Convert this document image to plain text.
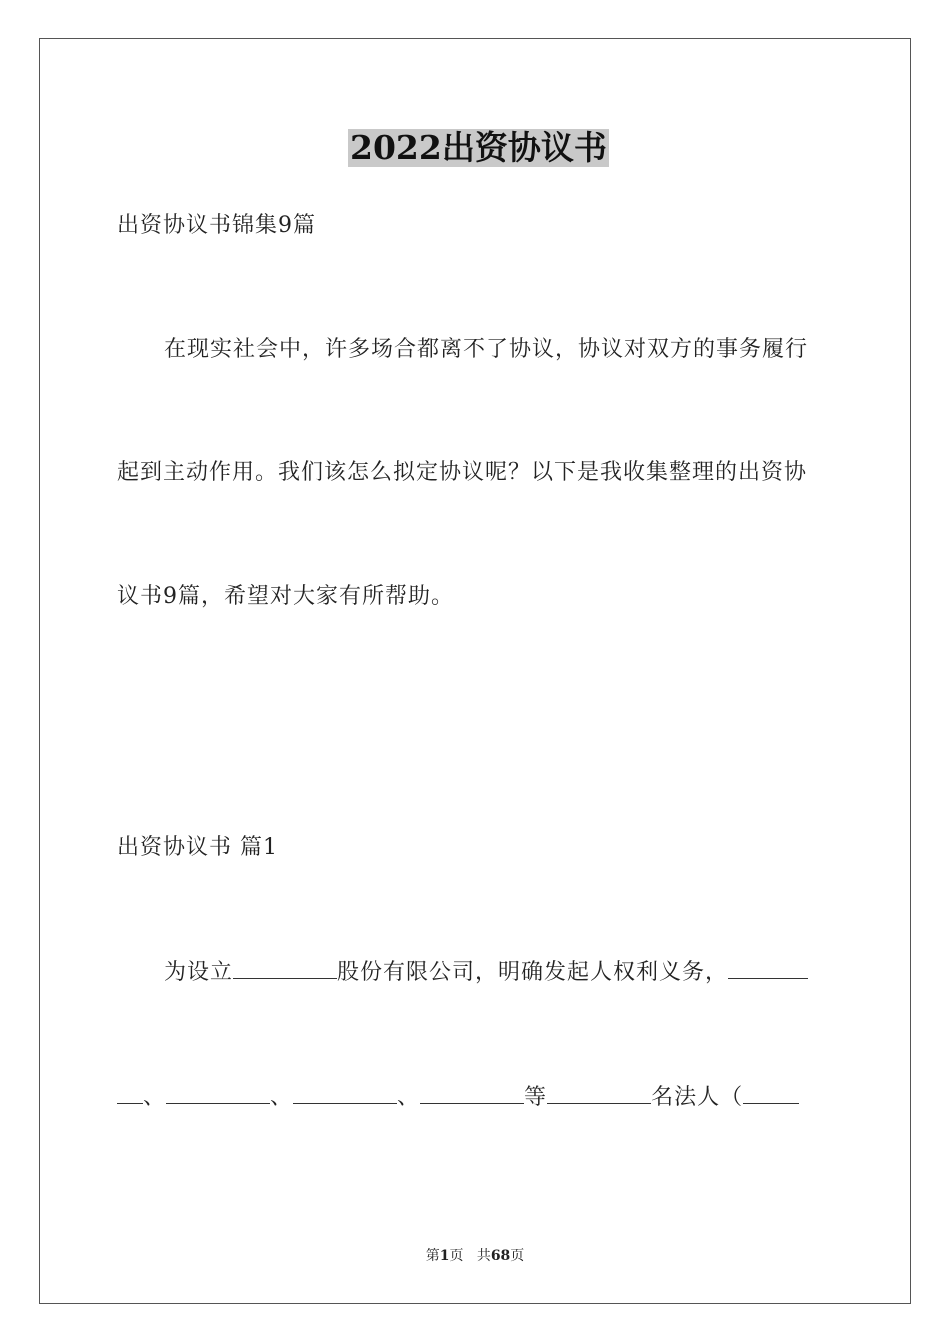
2022出资协议书
出资协议书锦集9篇
在现实社会中，许多场合都离不了协议，协议对双方的事务履行
起到主动作用。我们该怎么拟定协议呢？以下是我收集整理的出资协
议书9篇，希望对大家有所帮助。
出资协议书 篇1
为设立	股份有限公司，明确发起人权利义务，
、	、	、	等	名法人（
第1页 共68页
